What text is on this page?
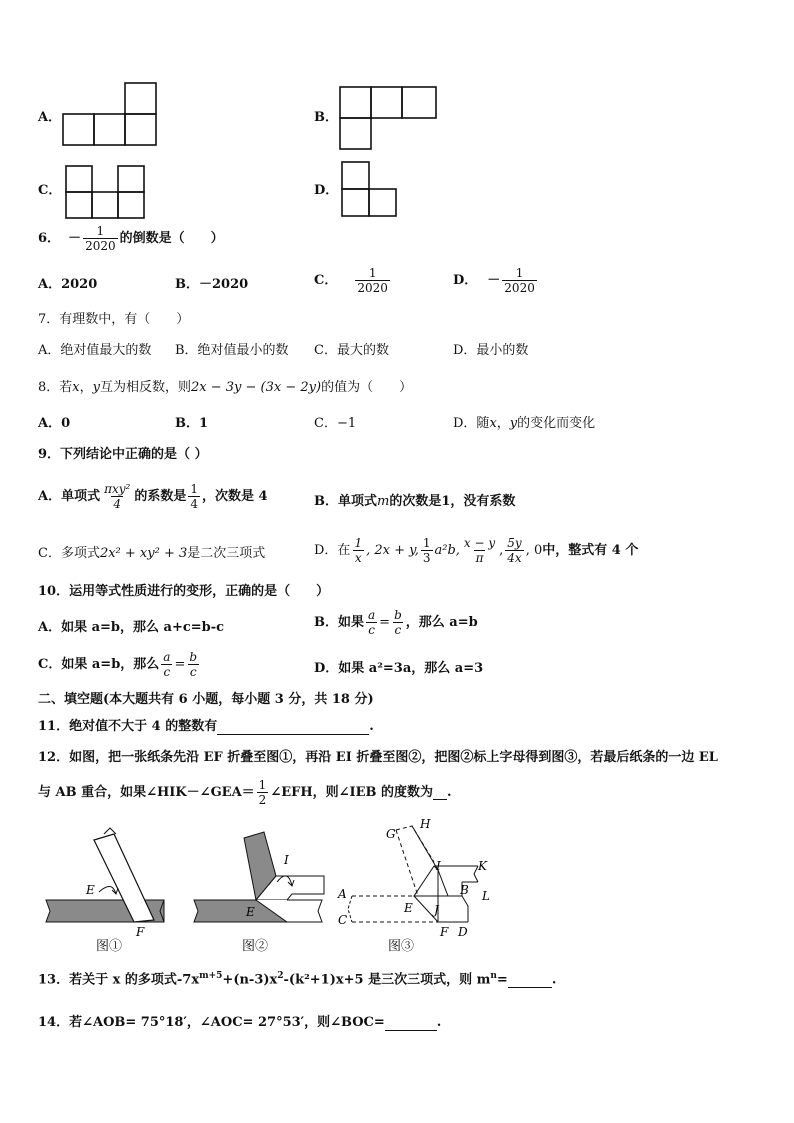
A．	B．
C．	D．
6． － $\frac{1}{2020}$ 的倒数是（　　）
A．2020	B．－2020	C． $\frac{1}{2020}$	D． － $\frac{1}{2020}$
7．有理数中，有（　　）
A．绝对值最大的数 B．绝对值最小的数 C．最大的数	D．最小的数
8．若x，y互为相反数，则2x − 3y − (3x − 2y)的值为（　　）
A．0	B．1	C．−1	D．随x，y的变化而变化
9．下列结论中正确的是（ ）
A．单项式 $\frac{\text{πxy²}}{4}$ 的系数是 $\frac{1}{4}$ ，次数是 4	B．单项式m的次数是1，没有系数
C．多项式2x² + xy² + 3是二次三项式	D．在 $\frac{1}{x}$ , 2x + y, $\frac{1}{3} a^2b$, $\frac{x - y}{\pi}$ , $\frac{5y}{4x}$ , 0 中，整式有 4 个
10．运用等式性质进行的变形，正确的是（　　）
A．如果 a=b，那么 a+c=b-c	B．如果 $\frac{a}{c} = \frac{b}{c}$ ，那么 a=b
C．如果 a=b，那么 $\frac{a}{c} = \frac{b}{c}$	D．如果 a²=3a，那么 a=3
二、填空题(本大题共有 6 小题，每小题 3 分，共 18 分)
11．绝对值不大于 4 的整数有	.
12．如图，把一张纸条先沿 EF 折叠至图①，再沿 EI 折叠至图②，把图②标上字母得到图③，若最后纸条的一边 EL
与 AB 重合，如果∠HIK－∠GEA＝ $\frac{1}{2}$ ∠EFH，则∠IEB 的度数为 .
E
F
图①
I
E
图②
G
H
I	K
A	B L
E J
C
F D
图③
13．若关于 x 的多项式$-7x^{m+5}+(n-3)x^2-(k^2+1)x+5$ 是三次三项式，则 $m^n=$	.
14．若∠AOB= 75°18′，∠AOC= 27°53′，则∠BOC=	.
